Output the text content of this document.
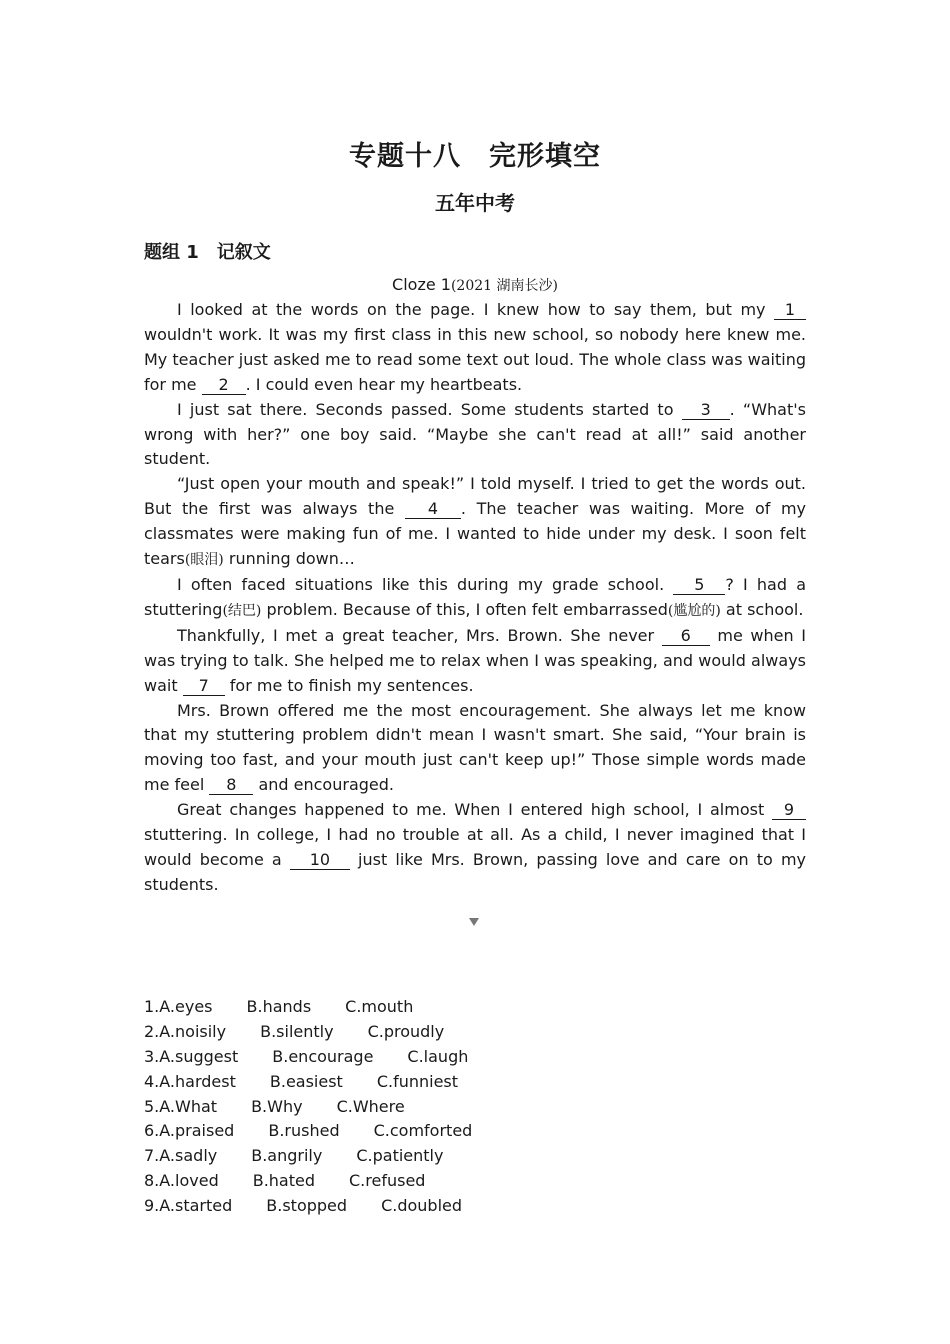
专题十八　完形填空
五年中考
题组 1　记叙文
Cloze 1(2021 湖南长沙)

I looked at the words on the page. I knew how to say them, but my 1 wouldn't work. It was my first class in this new school, so nobody here knew me. My teacher just asked me to read some text out loud. The whole class was waiting for me 2 . I could even hear my heartbeats.

I just sat there. Seconds passed. Some students started to 3 . “What's wrong with her?” one boy said. “Maybe she can't read at all!” said another student.

“Just open your mouth and speak!” I told myself. I tried to get the words out. But the first was always the 4 . The teacher was waiting. More of my classmates were making fun of me. I wanted to hide under my desk. I soon felt tears(眼泪) running down…

I often faced situations like this during my grade school. 5 ? I had a stuttering(结巴) problem. Because of this, I often felt embarrassed(尴尬的) at school.

Thankfully, I met a great teacher, Mrs. Brown. She never 6 me when I was trying to talk. She helped me to relax when I was speaking, and would always wait 7 for me to finish my sentences.

Mrs. Brown offered me the most encouragement. She always let me know that my stuttering problem didn't mean I wasn't smart. She said, “Your brain is moving too fast, and your mouth just can't keep up!” Those simple words made me feel 8 and encouraged.

Great changes happened to me. When I entered high school, I almost 9 stuttering. In college, I had no trouble at all. As a child, I never imagined that I would become a 10 just like Mrs. Brown, passing love and care on to my students.

1.A.eyes B.hands C.mouth
2.A.noisily B.silently C.proudly
3.A.suggest B.encourage C.laugh
4.A.hardest B.easiest C.funniest
5.A.What B.Why C.Where
6.A.praised B.rushed C.comforted
7.A.sadly B.angrily C.patiently
8.A.loved B.hated C.refused
9.A.started B.stopped C.doubled
